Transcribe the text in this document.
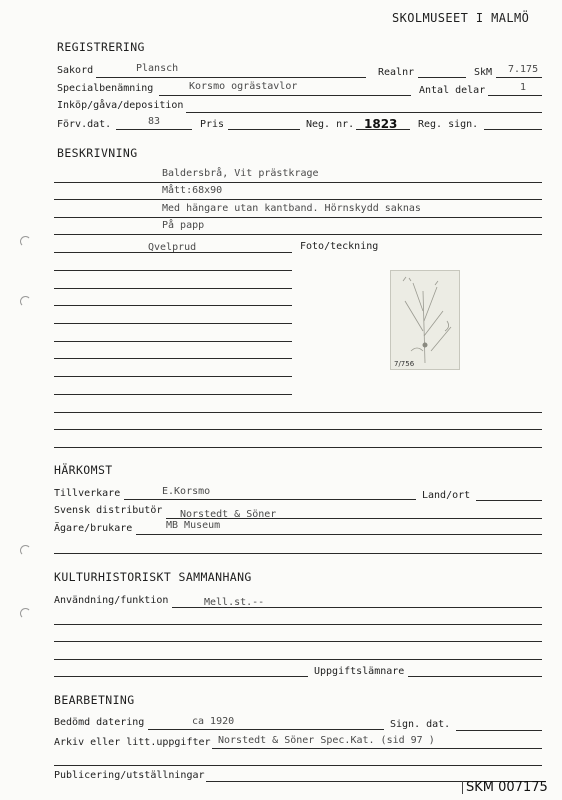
SKOLMUSEET I MALMÖ
REGISTRERING
Sakord	Plansch	Realnr	SkM 7.175
Specialbenämning	Korsmo ogrästavlor	Antal delar	1
Inköp/gåva/deposition
Förv.dat.	83	Pris	Neg. nr. 1823 Reg. sign.
BESKRIVNING
Baldersbrå, Vit prästkrage
Mått:68x90
Med hängare utan kantband. Hörnskydd saknas
På papp
Qvelprud	Foto/teckning
7/756
HÄRKOMST
Tillverkare	E.Korsmo	Land/ort
Svensk distributör Norstedt & Söner
Ägare/brukare	MB Museum
KULTURHISTORISKT SAMMANHANG
Användning/funktion	Mell.st.--
Uppgiftslämnare
BEARBETNING
Bedömd datering	ca 1920	Sign. dat.
Arkiv eller litt.uppgifter Norstedt & Söner Spec.Kat. (sid 97 )
Publicering/utställningar
SKM 007175
